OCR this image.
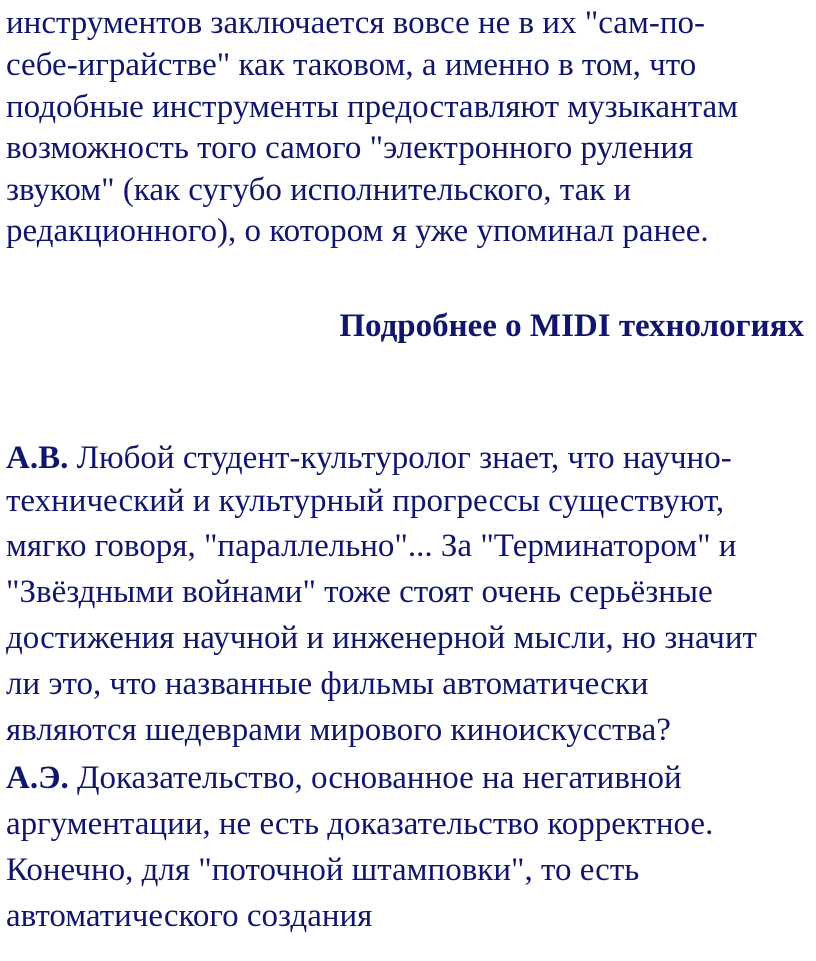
инструментов заключается вовсе не в их "сам-по-
себе-играйстве" как таковом, а именно в том, что
подобные инструменты предоставляют музыкантам
возможность того самого "электронного руления
звуком" (как сугубо исполнительского, так и
редакционного), о котором я уже упоминал ранее.
Подробнее о MIDI технологиях
А.В. Любой студент-культуролог знает, что научно-
технический и культурный прогрессы существуют,
мягко говоря, "параллельно"... За "Терминатором" и
"Звёздными войнами" тоже стоят очень серьёзные
достижения научной и инженерной мысли, но значит
ли это, что названные фильмы автоматически
являются шедеврами мирового киноискусства?
А.Э. Доказательство, основанное на негативной
аргументации, не есть доказательство корректное.
Конечно, для "поточной штамповки", то есть
автоматического создания
